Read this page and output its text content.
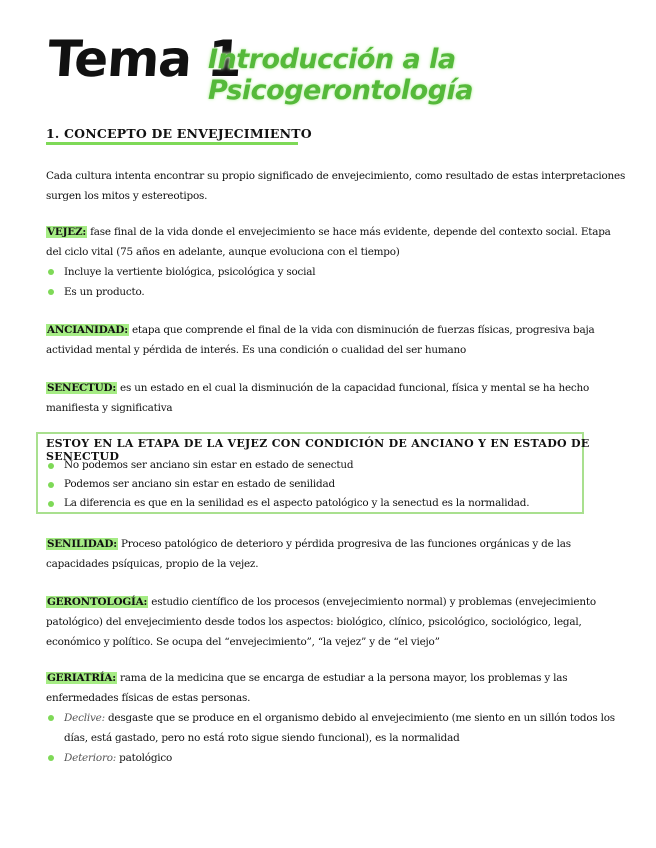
Tema 1
Introducción a la Psicogerontología
1. CONCEPTO DE ENVEJECIMIENTO

Cada cultura intenta encontrar su propio significado de envejecimiento, como resultado de estas interpretaciones surgen los mitos y estereotipos.

VEJEZ: fase final de la vida donde el envejecimiento se hace más evidente, depende del contexto social. Etapa del ciclo vital (75 años en adelante, aunque evoluciona con el tiempo)

Incluye la vertiente biológica, psicológica y social
Es un producto.

ANCIANIDAD: etapa que comprende el final de la vida con disminución de fuerzas físicas, progresiva baja actividad mental y pérdida de interés. Es una condición o cualidad del ser humano

SENECTUD: es un estado en el cual la disminución de la capacidad funcional, física y mental se ha hecho manifiesta y significativa

ESTOY EN LA ETAPA DE LA VEJEZ CON CONDICIÓN DE ANCIANO Y EN ESTADO DE SENECTUD
No podemos ser anciano sin estar en estado de senectud
Podemos ser anciano sin estar en estado de senilidad
La diferencia es que en la senilidad es el aspecto patológico y la senectud es la normalidad.

SENILIDAD: Proceso patológico de deterioro y pérdida progresiva de las funciones orgánicas y de las capacidades psíquicas, propio de la vejez.

GERONTOLOGÍA: estudio científico de los procesos (envejecimiento normal) y problemas (envejecimiento patológico) del envejecimiento desde todos los aspectos: biológico, clínico, psicológico, sociológico, legal, económico y político. Se ocupa del “envejecimiento”, “la vejez” y de “el viejo”

GERIATRÍA: rama de la medicina que se encarga de estudiar a la persona mayor, los problemas y las enfermedades físicas de estas personas.

Declive: desgaste que se produce en el organismo debido al envejecimiento (me siento en un sillón todos los días, está gastado, pero no está roto sigue siendo funcional), es la normalidad
Deterioro: patológico
